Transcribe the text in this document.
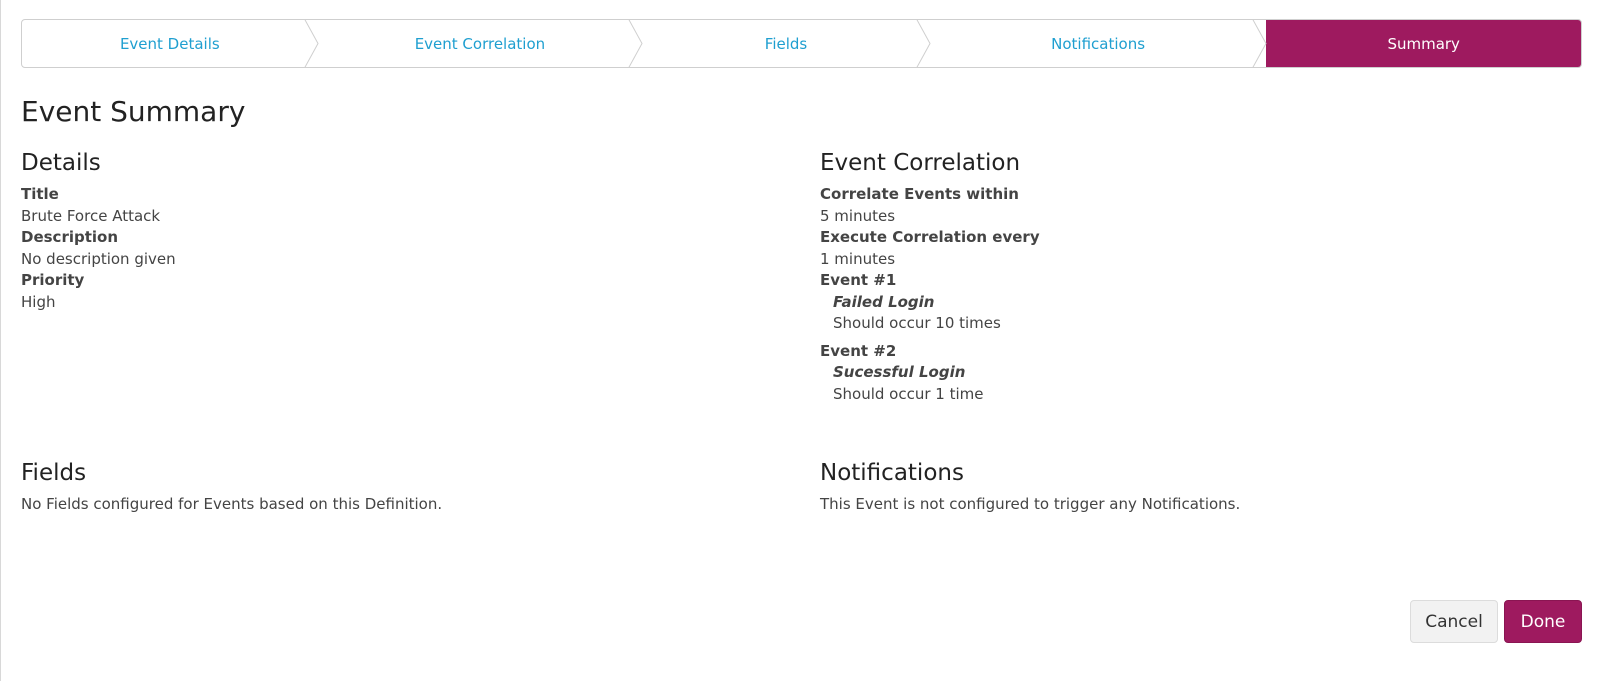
Event Details	Event Correlation	Fields	Notifications	Summary
Event Summary
Details
Title
Brute Force Attack
Description
No description given
Priority
High
Event Correlation
Correlate Events within
5 minutes
Execute Correlation every
1 minutes
Event #1
Failed Login
Should occur 10 times
Event #2
Sucessful Login
Should occur 1 time
Fields
No Fields configured for Events based on this Definition.
Notifications
This Event is not configured to trigger any Notifications.
Cancel	Done
